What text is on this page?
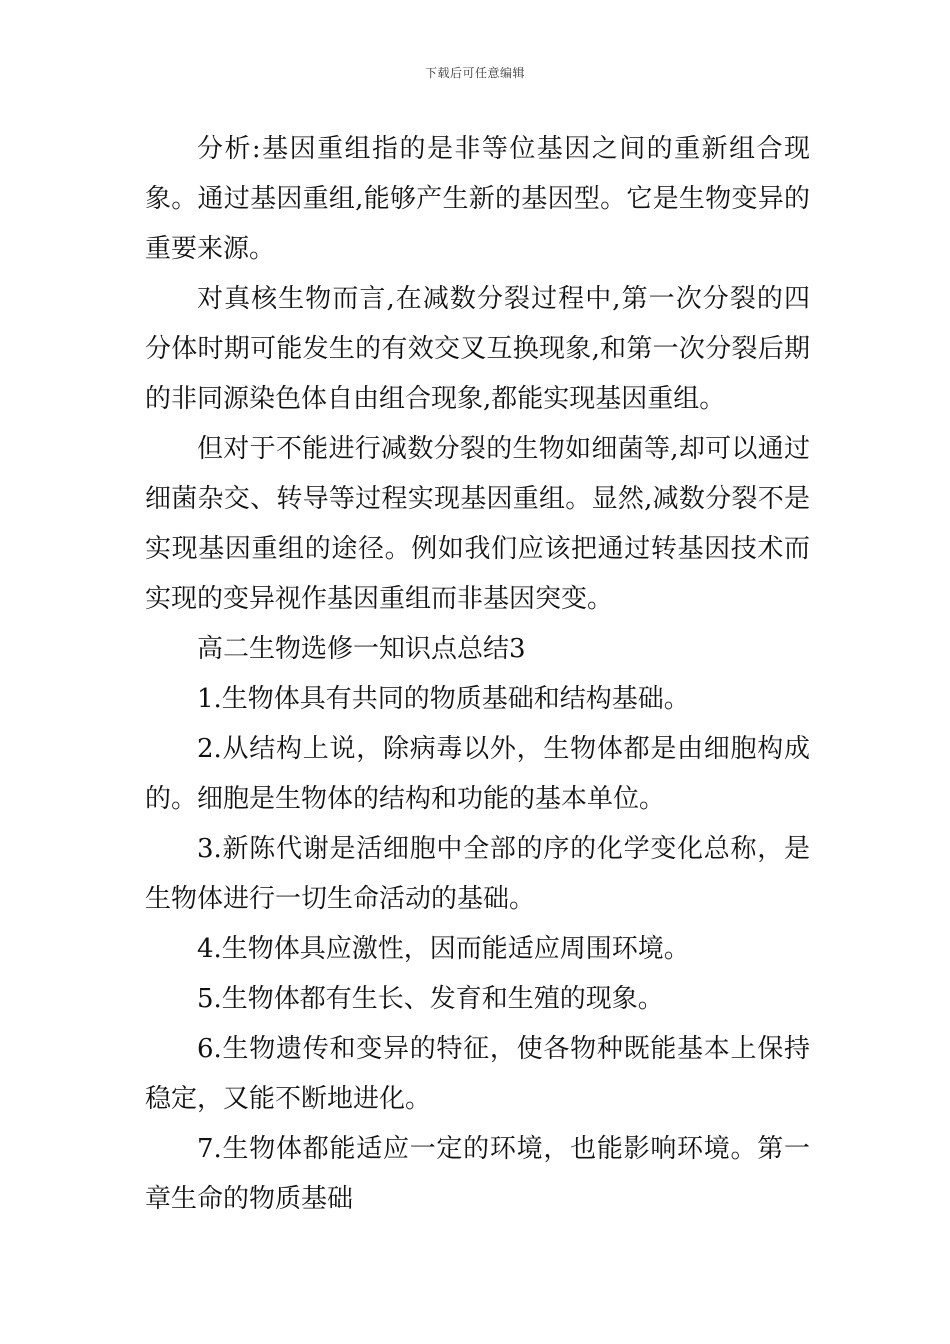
下载后可任意编辑

分析:基因重组指的是非等位基因之间的重新组合现象。通过基因重组,能够产生新的基因型。它是生物变异的重要来源。

对真核生物而言,在减数分裂过程中,第一次分裂的四分体时期可能发生的有效交叉互换现象,和第一次分裂后期的非同源染色体自由组合现象,都能实现基因重组。

但对于不能进行减数分裂的生物如细菌等,却可以通过细菌杂交、转导等过程实现基因重组。显然,减数分裂不是实现基因重组的途径。例如我们应该把通过转基因技术而实现的变异视作基因重组而非基因突变。

高二生物选修一知识点总结3

1.生物体具有共同的物质基础和结构基础。

2.从结构上说，除病毒以外，生物体都是由细胞构成的。细胞是生物体的结构和功能的基本单位。

3.新陈代谢是活细胞中全部的序的化学变化总称，是生物体进行一切生命活动的基础。

4.生物体具应激性，因而能适应周围环境。

5.生物体都有生长、发育和生殖的现象。

6.生物遗传和变异的特征，使各物种既能基本上保持稳定，又能不断地进化。

7.生物体都能适应一定的环境，也能影响环境。第一章生命的物质基础
